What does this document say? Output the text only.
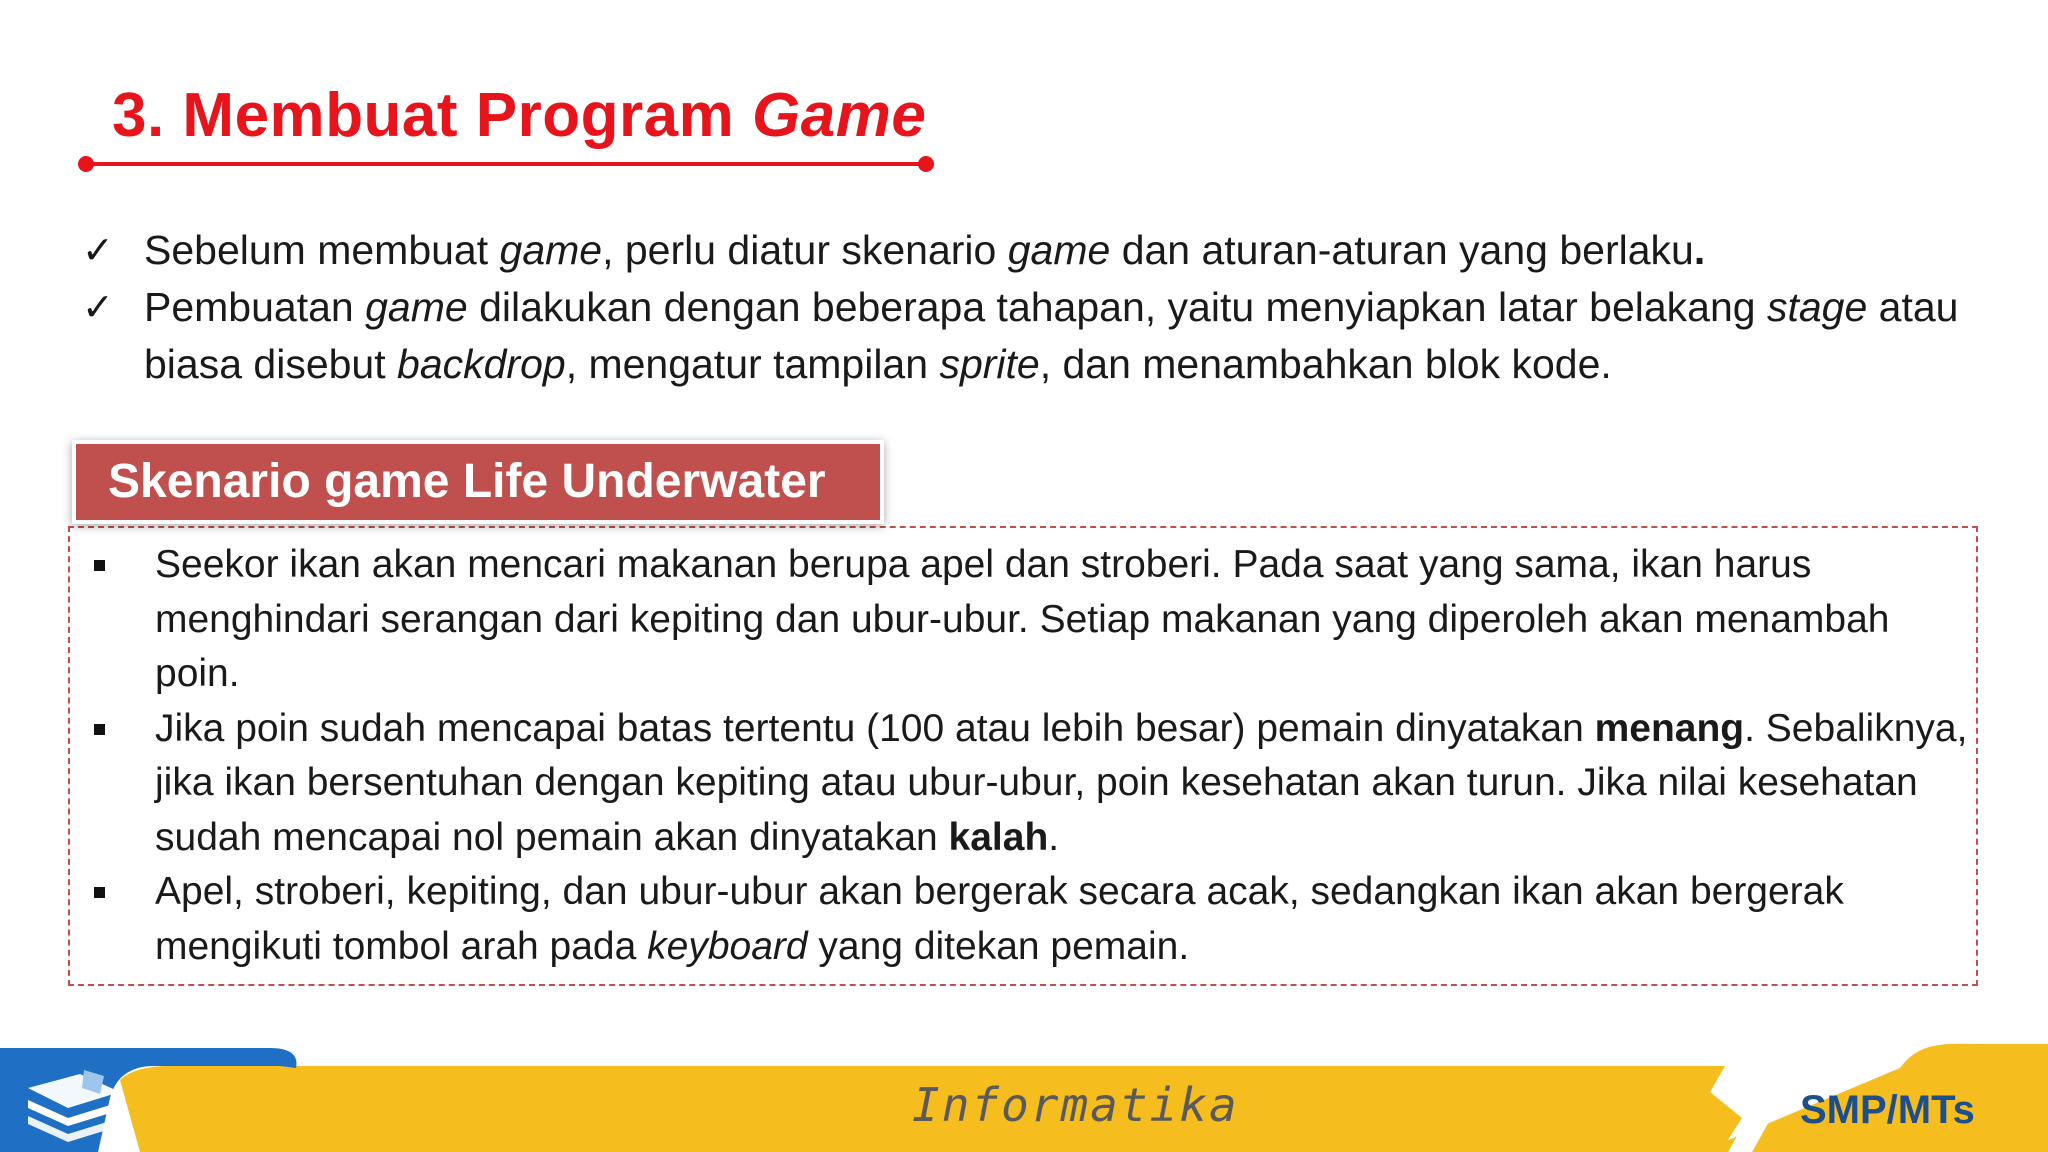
3. Membuat Program Game
✓ Sebelum membuat game, perlu diatur skenario game dan aturan-aturan yang berlaku.
✓ Pembuatan game dilakukan dengan beberapa tahapan, yaitu menyiapkan latar belakang stage atau biasa disebut backdrop, mengatur tampilan sprite, dan menambahkan blok kode.
Skenario game Life Underwater
Seekor ikan akan mencari makanan berupa apel dan stroberi. Pada saat yang sama, ikan harus menghindari serangan dari kepiting dan ubur-ubur. Setiap makanan yang diperoleh akan menambah poin.
Jika poin sudah mencapai batas tertentu (100 atau lebih besar) pemain dinyatakan menang. Sebaliknya, jika ikan bersentuhan dengan kepiting atau ubur-ubur, poin kesehatan akan turun. Jika nilai kesehatan sudah mencapai nol pemain akan dinyatakan kalah.
Apel, stroberi, kepiting, dan ubur-ubur akan bergerak secara acak, sedangkan ikan akan bergerak mengikuti tombol arah pada keyboard yang ditekan pemain.
Informatika	SMP/MTs
